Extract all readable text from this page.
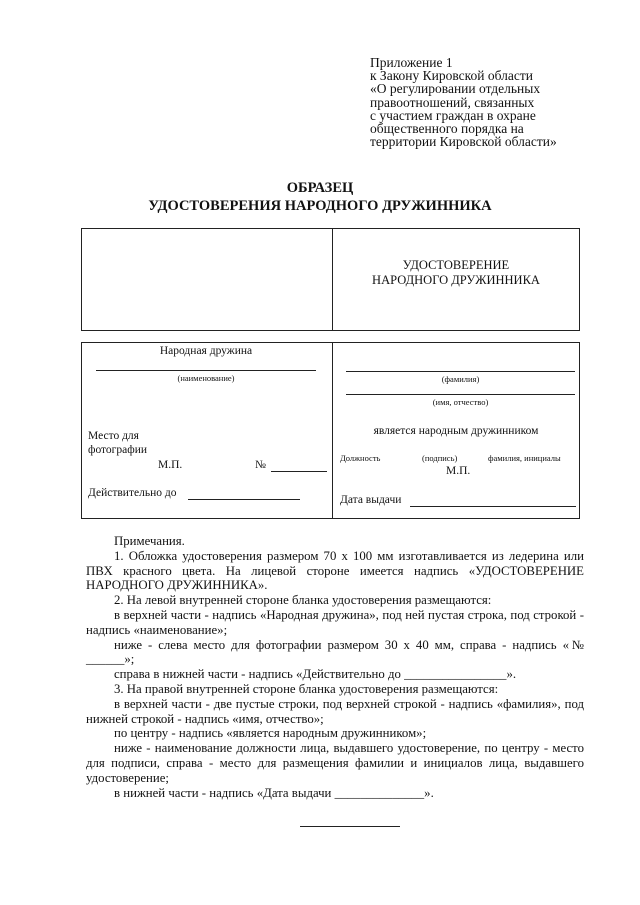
Приложение 1
к Закону Кировской области
«О регулировании отдельных
правоотношений, связанных
с участием граждан в охране
общественного порядка на
территории Кировской области»
ОБРАЗЕЦ
УДОСТОВЕРЕНИЯ НАРОДНОГО ДРУЖИННИКА
УДОСТОВЕРЕНИЕ
НАРОДНОГО ДРУЖИННИКА
Народная дружина
(наименование)
Место для
фотографии
М.П.	№
Действительно до
(фамилия)
(имя, отчество)
является народным дружинником
Должность	(подпись)	фамилия, инициалы
М.П.
Дата выдачи

Примечания.

1. Обложка удостоверения размером 70 х 100 мм изготавливается из ледерина или ПВХ красного цвета. На лицевой стороне имеется надпись «УДОСТОВЕРЕНИЕ НАРОДНОГО ДРУЖИННИКА».

2. На левой внутренней стороне бланка удостоверения размещаются:

в верхней части - надпись «Народная дружина», под ней пустая строка, под строкой - надпись «наименование»;

ниже - слева место для фотографии размером 30 х 40 мм, справа - надпись «№ ______»;

справа в нижней части - надпись «Действительно до ________________».

3. На правой внутренней стороне бланка удостоверения размещаются:

в верхней части - две пустые строки, под верхней строкой - надпись «фамилия», под нижней строкой - надпись «имя, отчество»;

по центру - надпись «является народным дружинником»;

ниже - наименование должности лица, выдавшего удостоверение, по центру - место для подписи, справа - место для размещения фамилии и инициалов лица, выдавшего удостоверение;

в нижней части - надпись «Дата выдачи ______________».
